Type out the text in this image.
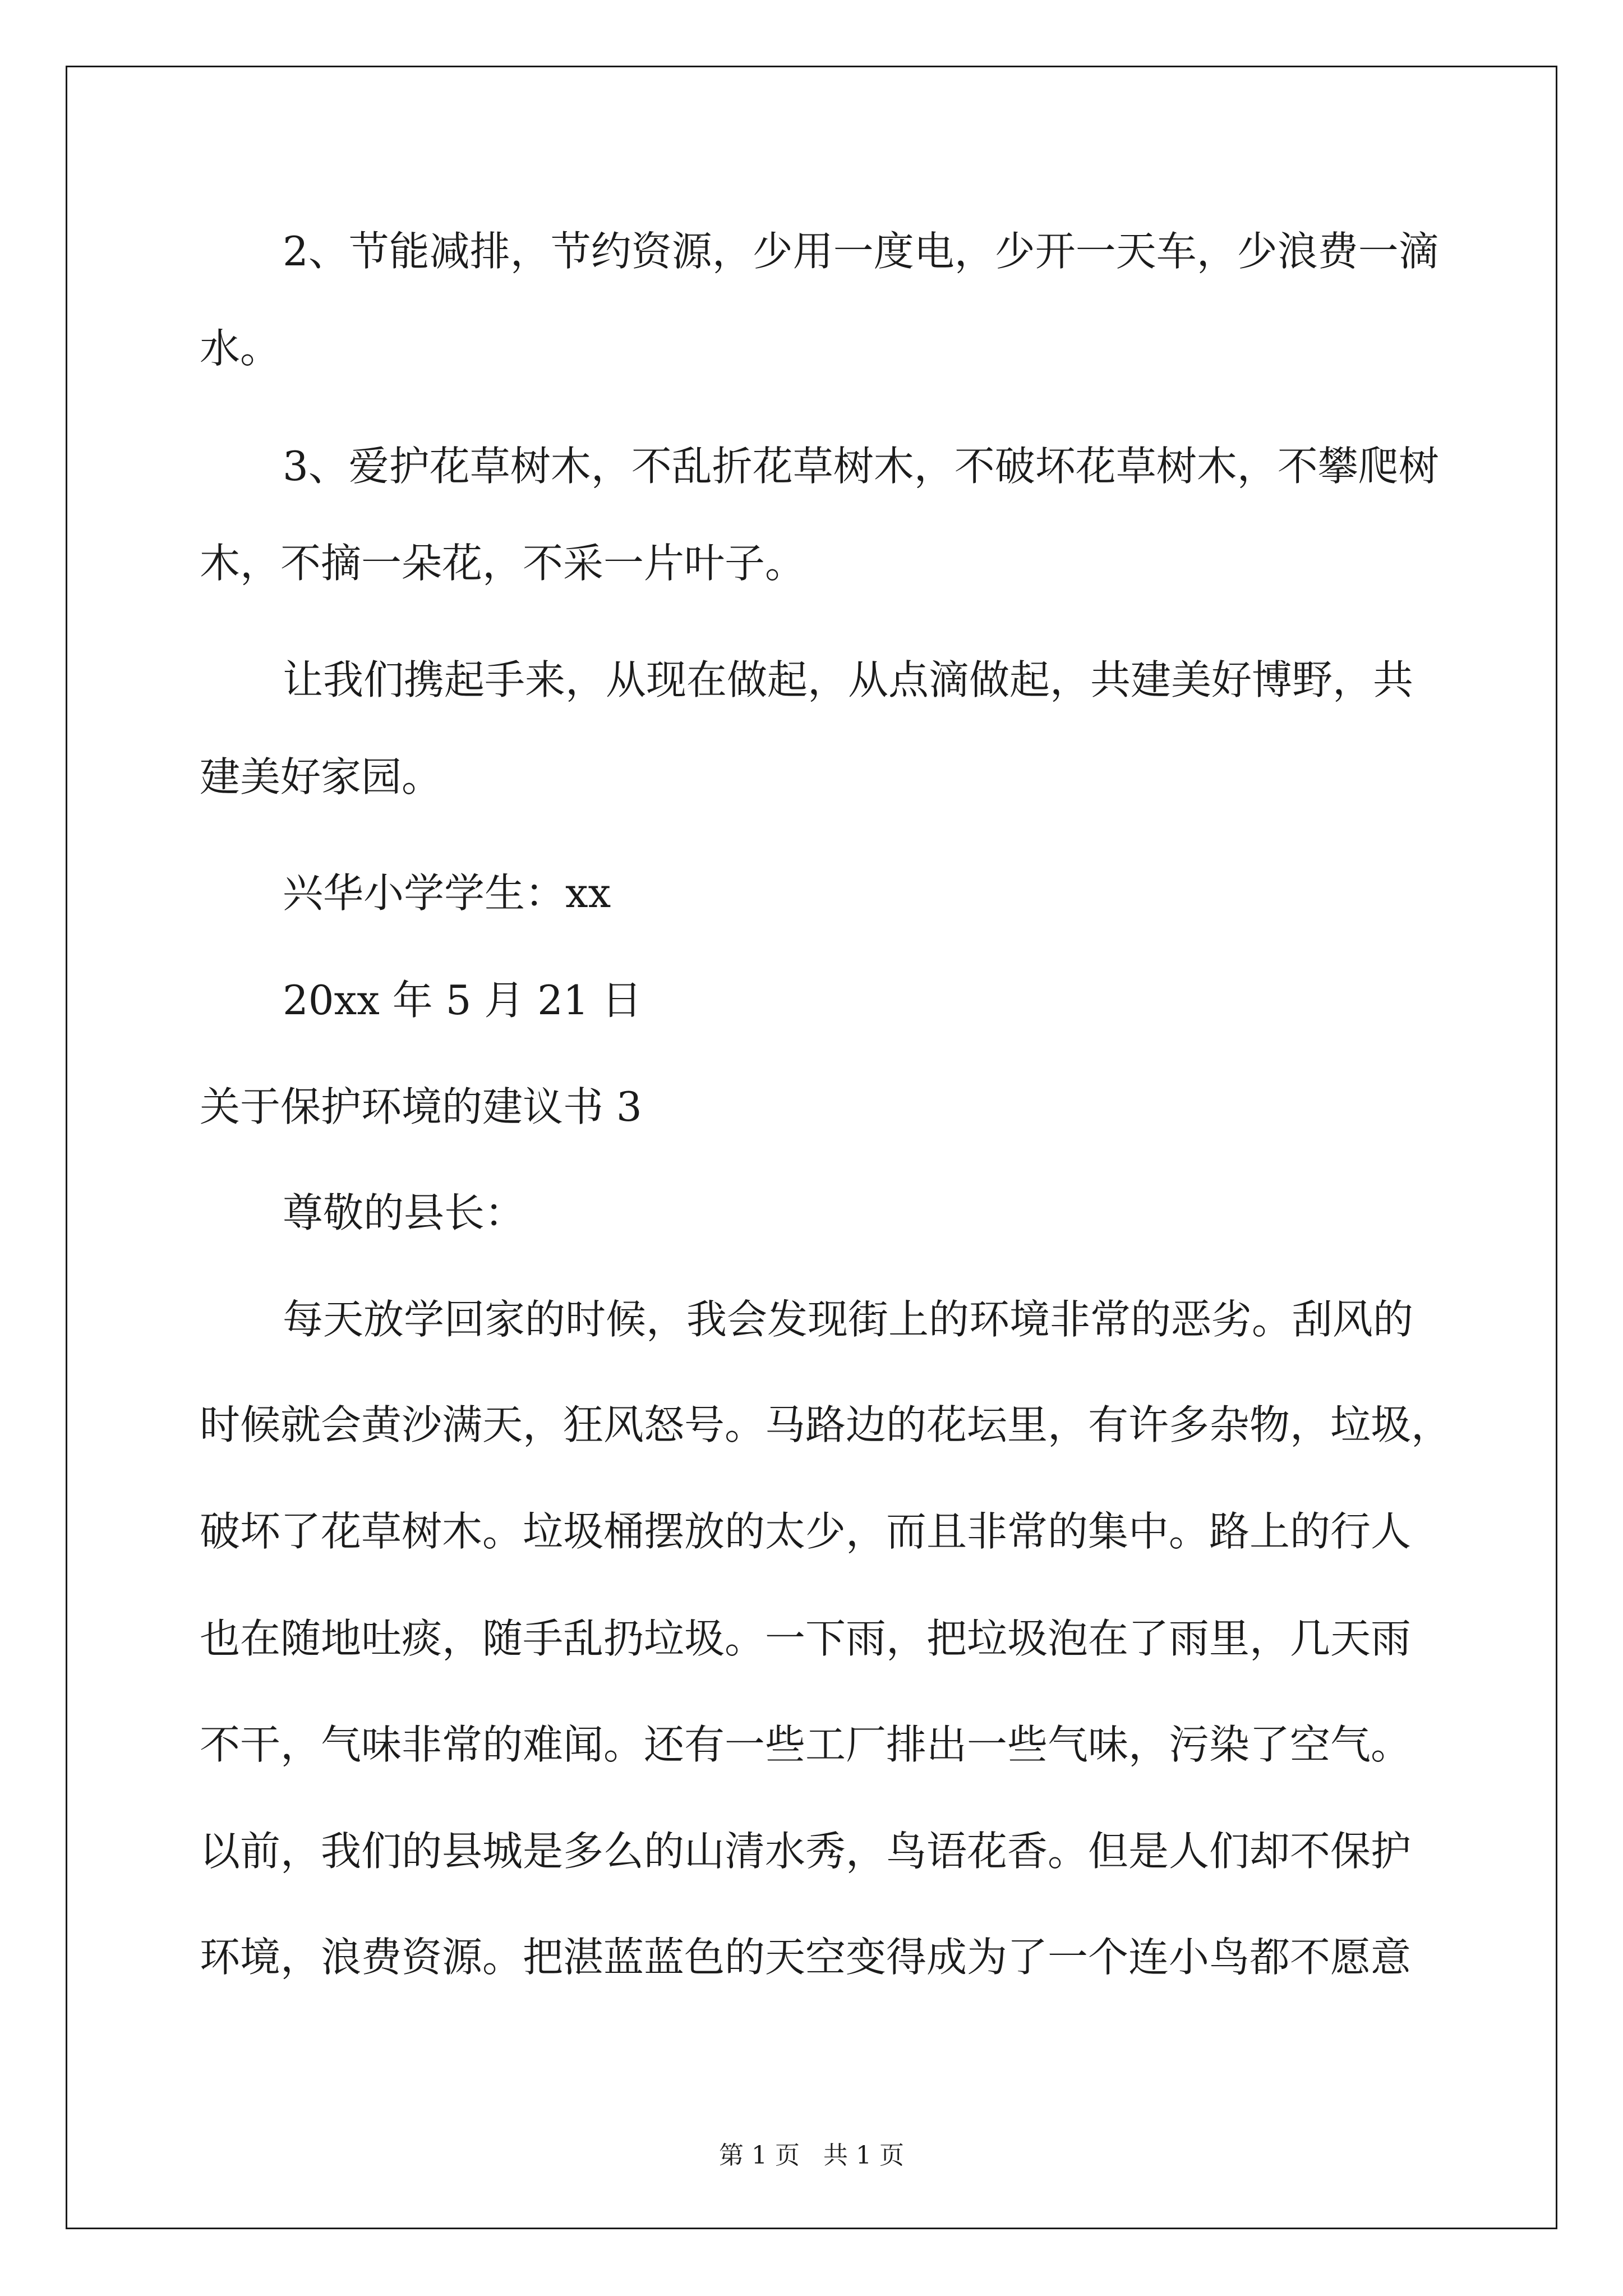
2、节能减排，节约资源，少用一度电，少开一天车，少浪费一滴

水。

3、爱护花草树木，不乱折花草树木，不破坏花草树木，不攀爬树

木，不摘一朵花，不采一片叶子。

让我们携起手来，从现在做起，从点滴做起，共建美好博野，共

建美好家园。

兴华小学学生：xx

20xx 年 5 月 21 日

关于保护环境的建议书 3

尊敬的县长：

每天放学回家的时候，我会发现街上的环境非常的恶劣。刮风的

时候就会黄沙满天，狂风怒号。马路边的花坛里，有许多杂物，垃圾，

破坏了花草树木。垃圾桶摆放的太少，而且非常的集中。路上的行人

也在随地吐痰，随手乱扔垃圾。一下雨，把垃圾泡在了雨里，几天雨

不干，气味非常的难闻。还有一些工厂排出一些气味，污染了空气。

以前，我们的县城是多么的山清水秀，鸟语花香。但是人们却不保护

环境，浪费资源。把湛蓝蓝色的天空变得成为了一个连小鸟都不愿意

第 1 页   共 1 页
